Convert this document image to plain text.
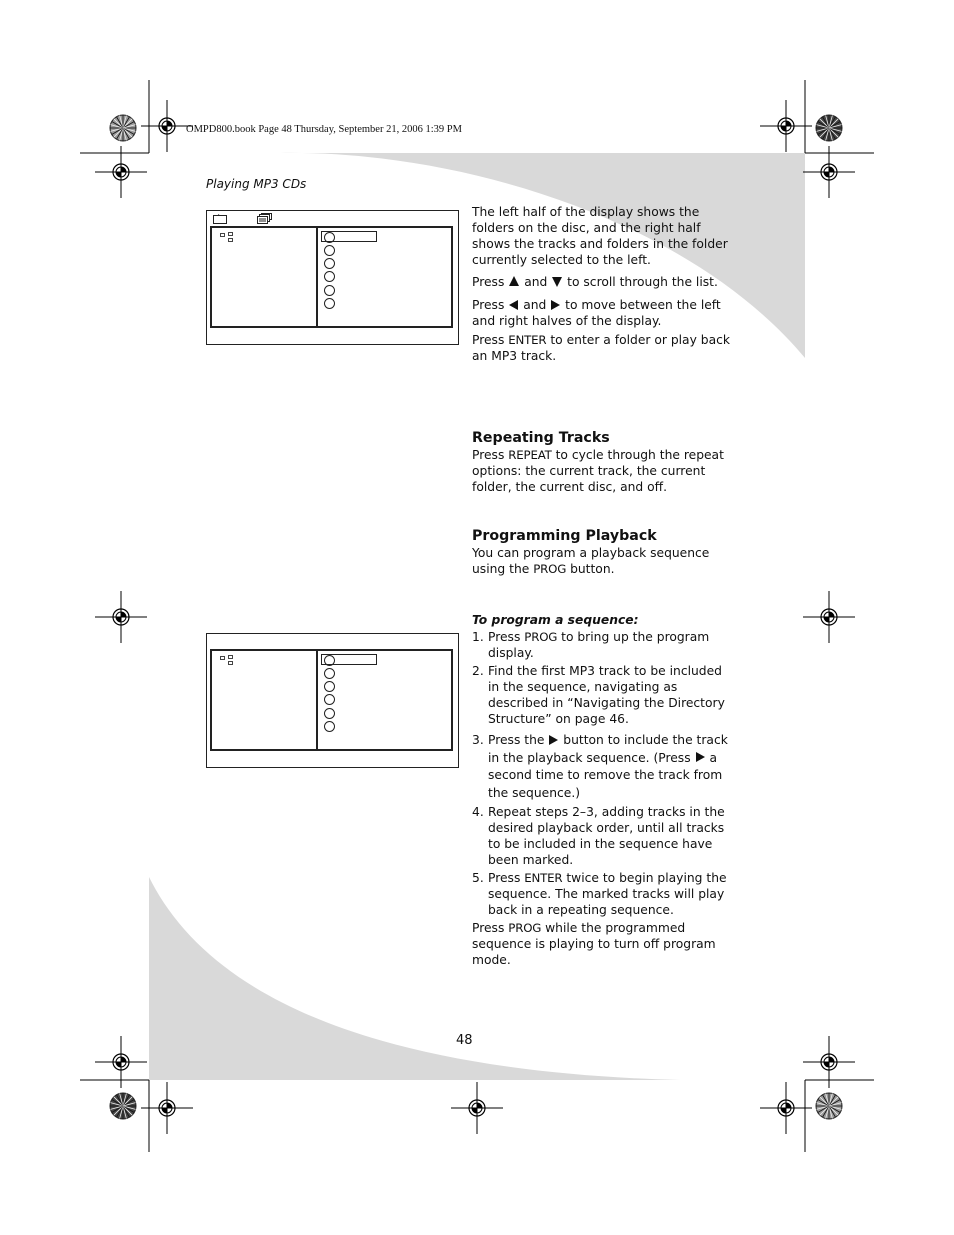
OMPD800.book Page 48 Thursday, September 21, 2006 1:39 PM
Playing MP3 CDs

The left half of the display shows the folders on the disc, and the right half shows the tracks and folders in the folder currently selected to the left.

Press  and  to scroll through the list.

Press  and  to move between the left and right halves of the display.

Press ENTER to enter a folder or play back an MP3 track.

Repeating Tracks

Press REPEAT to cycle through the repeat options: the current track, the current folder, the current disc, and off.

Programming Playback

You can program a playback sequence using the PROG button.

To program a sequence:

1. Press PROG to bring up the program display.
2. Find the first MP3 track to be included in the sequence, navigating as described in “Navigating the Directory Structure” on page 46.
3. Press the  button to include the track in the playback sequence. (Press  a second time to remove the track from the sequence.)
4. Repeat steps 2–3, adding tracks in the desired playback order, until all tracks to be included in the sequence have been marked.
5. Press ENTER twice to begin playing the sequence. The marked tracks will play back in a repeating sequence.

Press PROG while the programmed sequence is playing to turn off program mode.

48
